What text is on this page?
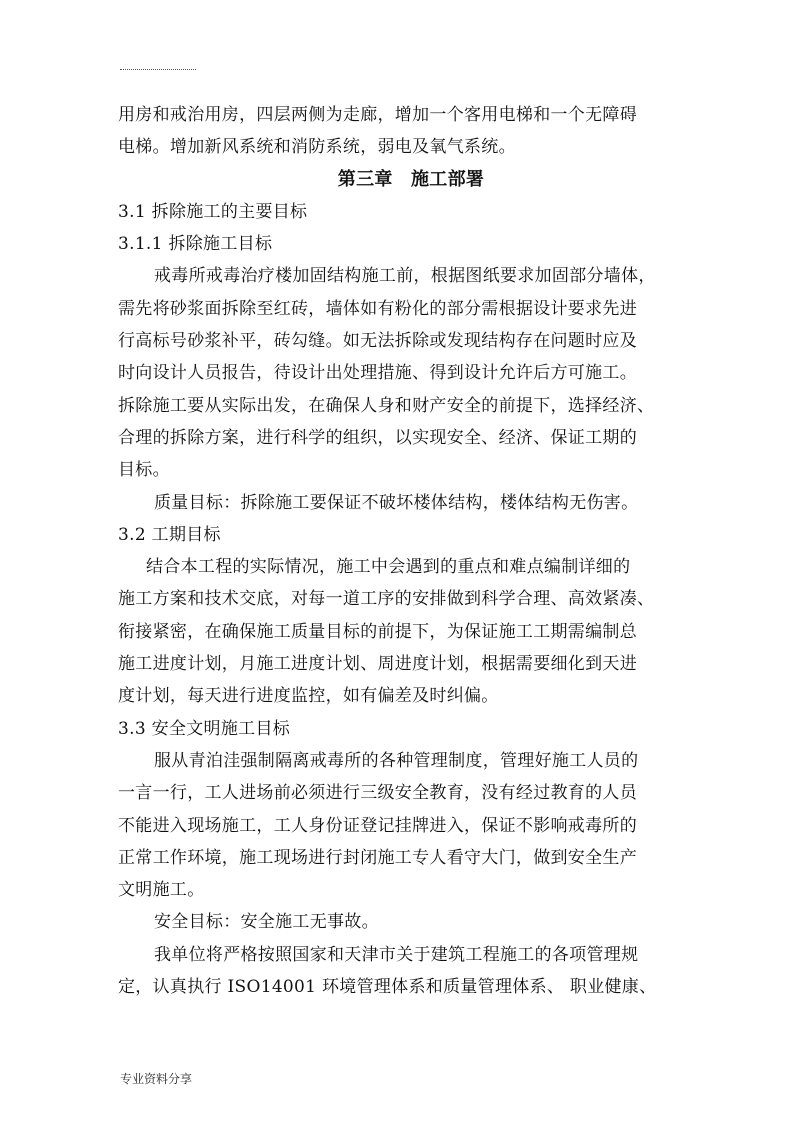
用房和戒治用房，四层两侧为走廊，增加一个客用电梯和一个无障碍
电梯。增加新风系统和消防系统，弱电及氧气系统。
第三章　施工部署
3.1 拆除施工的主要目标
3.1.1 拆除施工目标
戒毒所戒毒治疗楼加固结构施工前，根据图纸要求加固部分墙体，
需先将砂浆面拆除至红砖，墙体如有粉化的部分需根据设计要求先进
行高标号砂浆补平，砖勾缝。如无法拆除或发现结构存在问题时应及
时向设计人员报告，待设计出处理措施、得到设计允许后方可施工。
拆除施工要从实际出发，在确保人身和财产安全的前提下，选择经济、
合理的拆除方案，进行科学的组织，以实现安全、经济、保证工期的
目标。
质量目标：拆除施工要保证不破坏楼体结构，楼体结构无伤害。
3.2 工期目标
结合本工程的实际情况，施工中会遇到的重点和难点编制详细的
施工方案和技术交底，对每一道工序的安排做到科学合理、高效紧凑、
衔接紧密，在确保施工质量目标的前提下，为保证施工工期需编制总
施工进度计划，月施工进度计划、周进度计划，根据需要细化到天进
度计划，每天进行进度监控，如有偏差及时纠偏。
3.3 安全文明施工目标
服从青泊洼强制隔离戒毒所的各种管理制度，管理好施工人员的
一言一行，工人进场前必须进行三级安全教育，没有经过教育的人员
不能进入现场施工，工人身份证登记挂牌进入，保证不影响戒毒所的
正常工作环境，施工现场进行封闭施工专人看守大门，做到安全生产
文明施工。
安全目标：安全施工无事故。
我单位将严格按照国家和天津市关于建筑工程施工的各项管理规
定，认真执行 ISO14001 环境管理体系和质量管理体系、 职业健康、
专业资料分享
